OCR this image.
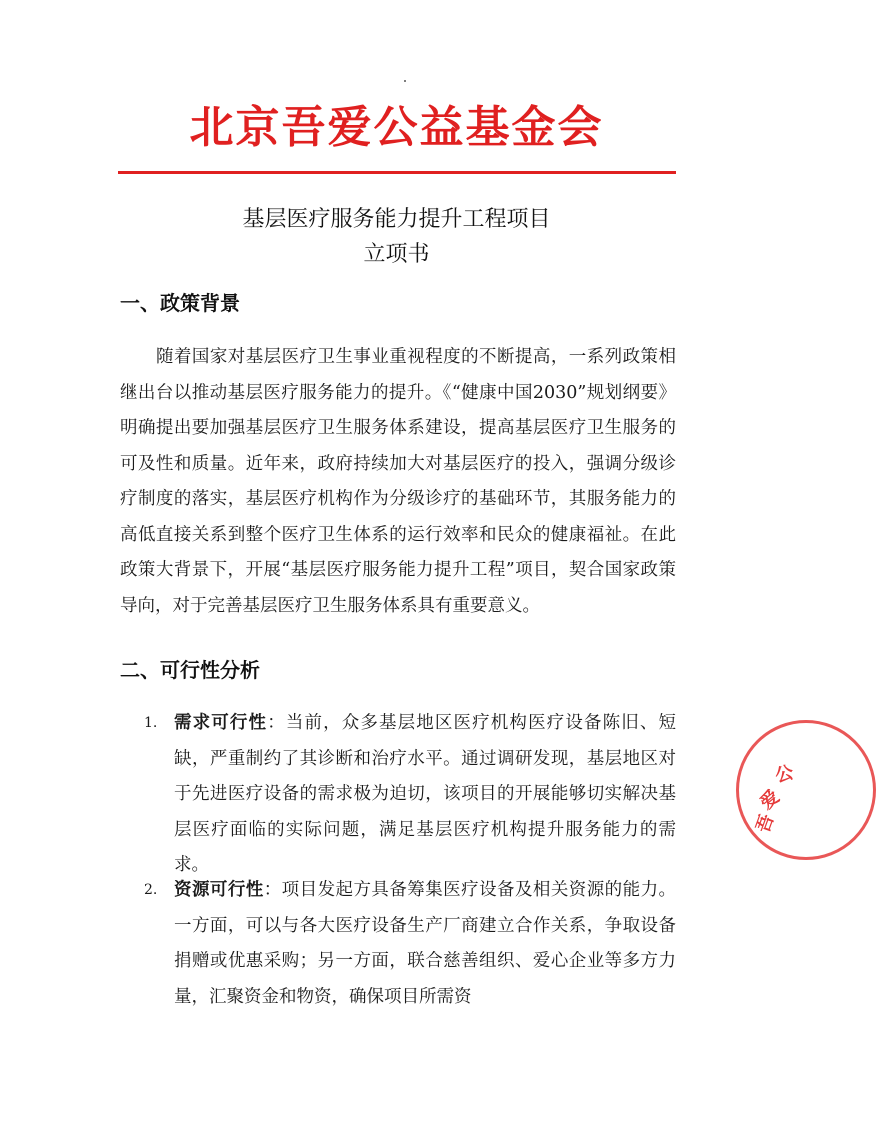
北京吾爱公益基金会
基层医疗服务能力提升工程项目
立项书
一、政策背景

随着国家对基层医疗卫生事业重视程度的不断提高，一系列政策相继出台以推动基层医疗服务能力的提升。《“健康中国2030”规划纲要》明确提出要加强基层医疗卫生服务体系建设，提高基层医疗卫生服务的可及性和质量。近年来，政府持续加大对基层医疗的投入，强调分级诊疗制度的落实，基层医疗机构作为分级诊疗的基础环节，其服务能力的高低直接关系到整个医疗卫生体系的运行效率和民众的健康福祉。在此政策大背景下，开展“基层医疗服务能力提升工程”项目，契合国家政策导向，对于完善基层医疗卫生服务体系具有重要意义。

二、可行性分析
1. 需求可行性：当前，众多基层地区医疗机构医疗设备陈旧、短缺，严重制约了其诊断和治疗水平。通过调研发现，基层地区对于先进医疗设备的需求极为迫切，该项目的开展能够切实解决基层医疗面临的实际问题，满足基层医疗机构提升服务能力的需求。
2. 资源可行性：项目发起方具备筹集医疗设备及相关资源的能力。一方面，可以与各大医疗设备生产厂商建立合作关系，争取设备捐赠或优惠采购；另一方面，联合慈善组织、爱心企业等多方力量，汇聚资金和物资，确保项目所需资
吾
爱
公
